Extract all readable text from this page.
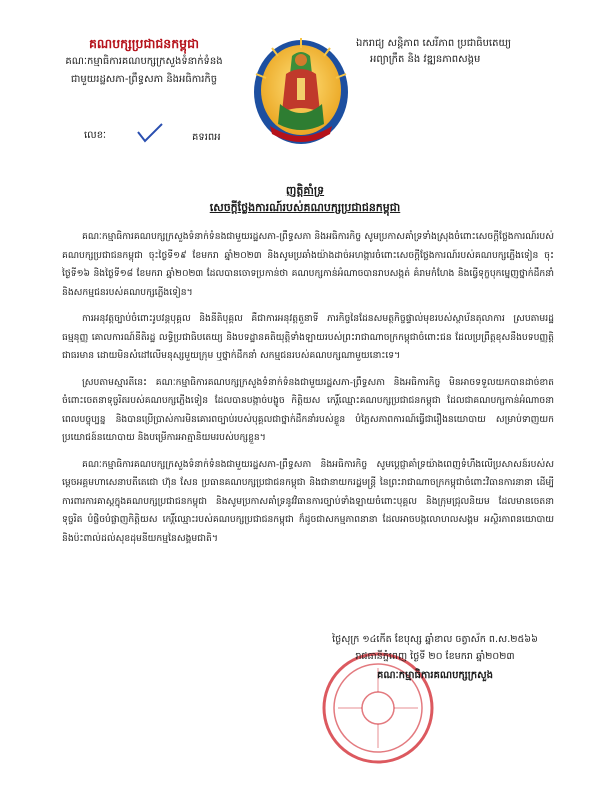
គណបក្សប្រជាជនកម្ពុជា
គណៈកម្មាធិការគណបក្សក្រសួងទំនាក់ទំនង
ជាមួយរដ្ឋសភា-ព្រឹទ្ធសភា និងអធិការកិច្ច
ឯករាជ្យ សន្តិភាព សេរីភាព ប្រជាធិបតេយ្យ
អព្យាក្រឹត និង វឌ្ឍនភាពសង្គម
លេខៈ	គទរពអ
ញត្តិគាំទ្រ
សេចក្តីថ្លែងការណ៍របស់គណបក្សប្រជាជនកម្ពុជា

គណៈកម្មាធិការគណបក្សក្រសួងទំនាក់ទំនងជាមួយរដ្ឋសភា-ព្រឹទ្ធសភា និងអធិការកិច្ច សូមប្រកាសគាំទ្រទាំងស្រុងចំពោះសេចក្តីថ្លែងការណ៍របស់គណបក្សប្រជាជនកម្ពុជា ចុះថ្ងៃទី១៩ ខែមករា ឆ្នាំ២០២៣ និងសូមប្រឆាំងយ៉ាងដាច់អហង្ការចំពោះសេចក្តីថ្លែងការណ៍របស់គណបក្សភ្លើងទៀន ចុះថ្ងៃទី១៦ និងថ្ងៃទី១៨ ខែមករា ឆ្នាំ២០២៣ ដែលបានចោទប្រកាន់ថា គណបក្សកាន់អំណាចបានរាបសង្កត់ គំរាមកំហែង និងធ្វើទុក្ខបុកម្នេញថ្នាក់ដឹកនាំ និងសកម្មជនរបស់គណបក្សភ្លើងទៀន។

ការអនុវត្តច្បាប់ចំពោះរូបវន្តបុគ្គល និងនីតិបុគ្គល គឺជាការអនុវត្តតួនាទី ភារកិច្ចនៃដែនសមត្ថកិច្ចផ្ទាល់មុខរបស់ស្ថាប័នតុលាការ ស្របតាមរដ្ឋធម្មនុញ្ញ គោលការណ៍នីតិរដ្ឋ លទ្ធិប្រជាធិបតេយ្យ និងបទដ្ឋានគតិយុត្តិទាំងឡាយរបស់ព្រះរាជាណាចក្រកម្ពុជាចំពោះជន ដែលប្រព្រឹត្តខុសនឹងបទបញ្ញត្តិជាធរមាន ដោយមិនសំដៅលើមនុស្សមួយក្រុម ឬថ្នាក់ដឹកនាំ សកម្មជនរបស់គណបក្សណាមួយនោះទេ។

ស្របតាមស្មារតីនេះ គណៈកម្មាធិការគណបក្សក្រសួងទំនាក់ទំនងជាមួយរដ្ឋសភា-ព្រឹទ្ធសភា និងអធិការកិច្ច មិនអាចទទួលយកបានដាច់ខាតចំពោះចេតនាទុច្ចរិតរបស់គណបក្សភ្លើងទៀន ដែលបានបង្កាច់បង្ខូច កិត្តិយស កេរ្តិ៍ឈ្មោះគណបក្សប្រជាជនកម្ពុជា ដែលជាគណបក្សកាន់អំណាចនាពេលបច្ចុប្បន្ន និងបានប្រើប្រាស់ការមិនគោរពច្បាប់របស់បុគ្គលជាថ្នាក់ដឹកនាំរបស់ខ្លួន បំភ្លៃសភាពការណ៍ធ្វើជារឿងនយោបាយ សម្រាប់ទាញយកប្រយោជន៍នយោបាយ និងបម្រើការអាត្មានិយមរបស់បក្សខ្លួន។

គណៈកម្មាធិការគណបក្សក្រសួងទំនាក់ទំនងជាមួយរដ្ឋសភា-ព្រឹទ្ធសភា និងអធិការកិច្ច សូមប្តេជ្ញាគាំទ្រយ៉ាងពេញទំហឹងលើប្រសាសន៍របស់សម្តេចអគ្គមហាសេនាបតីតេជោ ហ៊ុន សែន ប្រធានគណបក្សប្រជាជនកម្ពុជា និងជានាយករដ្ឋមន្ត្រី នៃព្រះរាជាណាចក្រកម្ពុជាចំពោះវិធានការនានា ដើម្បីការពារការគាស្តក្នុងគណបក្សប្រជាជនកម្ពុជា និងសូមប្រកាសគាំទ្រនូវវិធានការច្បាប់ទាំងឡាយចំពោះបុគ្គល និងក្រុមជ្រុលនិយម ដែលមានចេតនាទុច្ចរិត បំផ្លិចបំផ្លាញកិត្តិយស កេរ្តិ៍ឈ្មោះរបស់គណបក្សប្រជាជនកម្ពុជា ក៏ដូចជាសកម្មភាពនានា ដែលអាចបង្កលោហលសង្គម អស្ថិរភាពនយោបាយ និងប៉ះពាល់ដល់សុខដុមនីយកម្មនៃសង្គមជាតិ។

ថ្ងៃសុក្រ ១៤កើត ខែបុស្ស ឆ្នាំខាល ចត្វាស័ក ព.ស.២៥៦៦
រាជធានីភ្នំពេញ ថ្ងៃទី ២០ ខែមករា ឆ្នាំ២០២៣
គណៈកម្មាធិការគណបក្សក្រសួង
